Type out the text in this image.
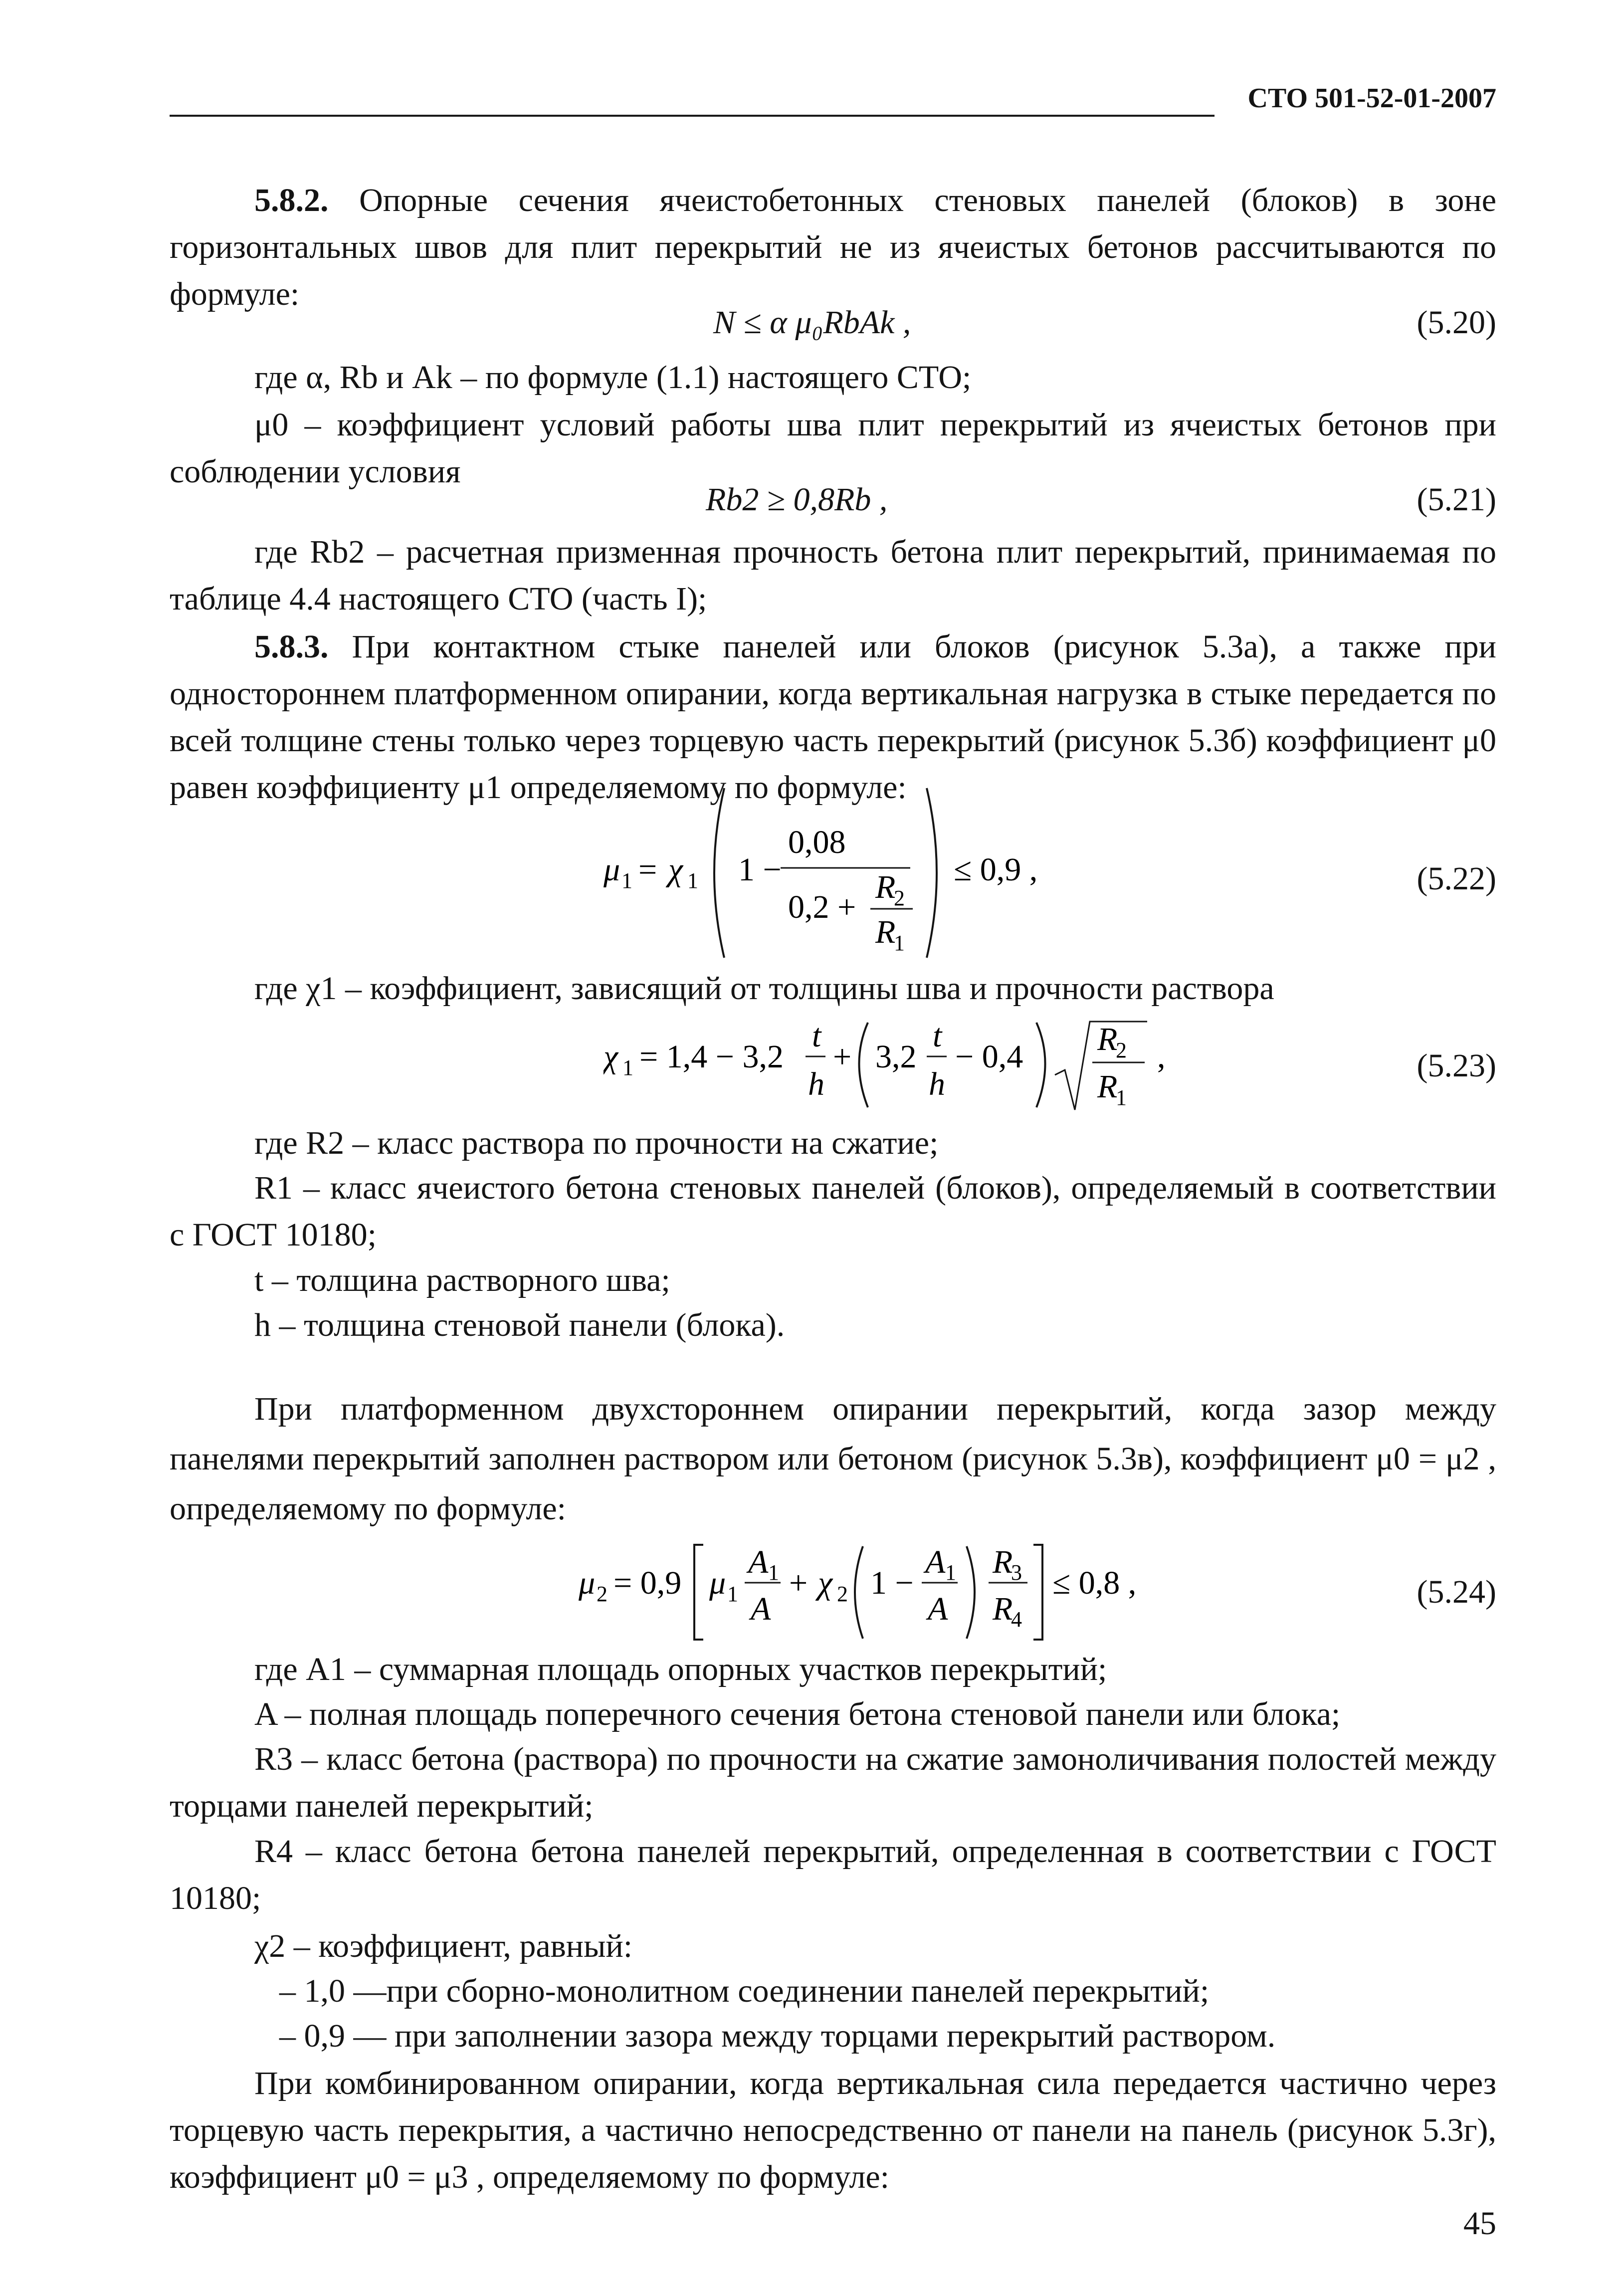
СТО 501-52-01-2007
5.8.2. Опорные сечения ячеистобетонных стеновых панелей (блоков) в зоне горизонтальных швов для плит перекрытий не из ячеистых бетонов рассчитываются по формуле:
N ≤ α μ₀RbAk ,	(5.20)
где α, Rb и Ak – по формуле (1.1) настоящего СТО;
μ0 – коэффициент условий работы шва плит перекрытий из ячеистых бетонов при соблюдении условия
Rb2 ≥ 0,8Rb ,	(5.21)
где Rb2 – расчетная призменная прочность бетона плит перекрытий, принимаемая по таблице 4.4 настоящего СТО (часть I);
5.8.3. При контактном стыке панелей или блоков (рисунок 5.3а), а также при одностороннем платформенном опирании, когда вертикальная нагрузка в стыке передается по всей толщине стены только через торцевую часть перекрытий (рисунок 5.3б) коэффициент μ0 равен коэффициенту μ1 определяемому по формуле:
μ 1 = χ 1 1 −
0,08
0,2 +
R
2
R
1
≤ 0,9 ,	(5.22)
где χ1 – коэффициент, зависящий от толщины шва и прочности раствора
χ 1 = 1,4 − 3,2
t
h
+ 3,2
t
h
− 0,4 R
2
R
1
,	(5.23)
где R2 – класс раствора по прочности на сжатие;
R1 – класс ячеистого бетона стеновых панелей (блоков), определяемый в соответствии с ГОСТ 10180;
t – толщина растворного шва;
h – толщина стеновой панели (блока).
При платформенном двухстороннем опирании перекрытий, когда зазор между панелями перекрытий заполнен раствором или бетоном (рисунок 5.3в), коэффициент μ0 = μ2 , определяемому по формуле:
μ 2 = 0,9 μ 1
A 1
A
+ χ 2 1 −
A 1
A
R
3
R
4
≤ 0,8 ,	(5.24)
где A1 – суммарная площадь опорных участков перекрытий;
A – полная площадь поперечного сечения бетона стеновой панели или блока;
R3 – класс бетона (раствора) по прочности на сжатие замоноличивания полостей между торцами панелей перекрытий;
R4 – класс бетона бетона панелей перекрытий, определенная в соответствии с ГОСТ 10180;
χ2 – коэффициент, равный:
– 1,0 —при сборно-монолитном соединении панелей перекрытий;
– 0,9 — при заполнении зазора между торцами перекрытий раствором.
При комбинированном опирании, когда вертикальная сила передается частично через торцевую часть перекрытия, а частично непосредственно от панели на панель (рисунок 5.3г), коэффициент μ0 = μ3 , определяемому по формуле:
45
